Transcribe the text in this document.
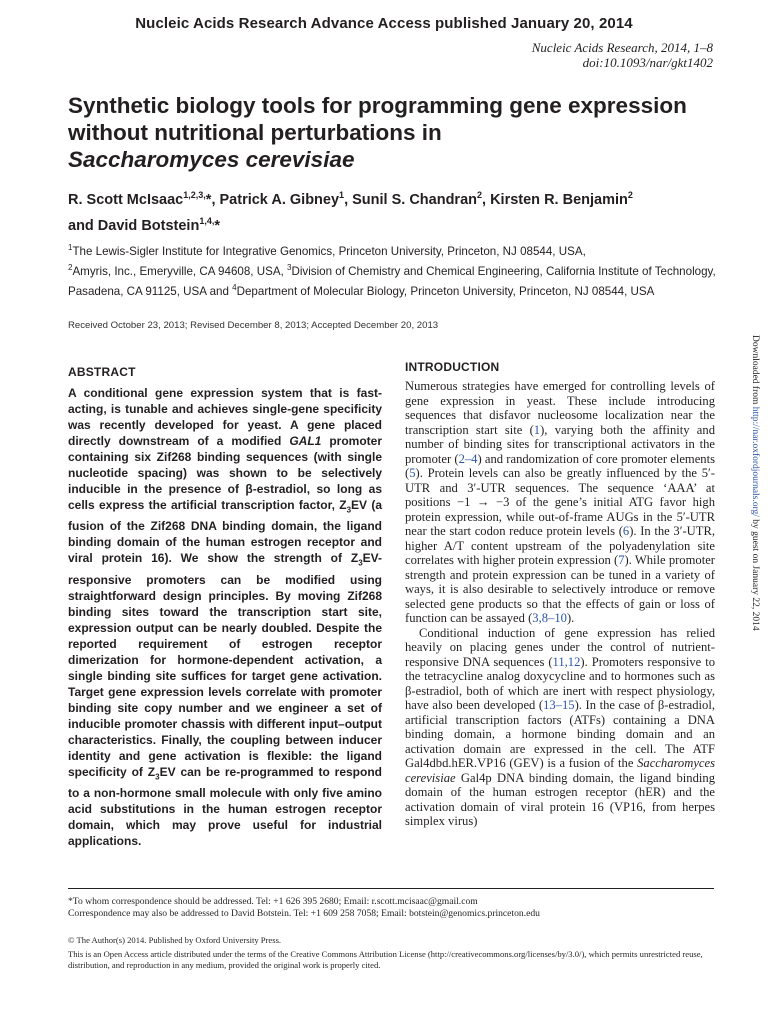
Nucleic Acids Research Advance Access published January 20, 2014
Nucleic Acids Research, 2014, 1–8
doi:10.1093/nar/gkt1402
Synthetic biology tools for programming gene expression without nutritional perturbations in
Saccharomyces cerevisiae
R. Scott McIsaac$^{1,2,3,}$*, Patrick A. Gibney$^1$, Sunil S. Chandran$^2$, Kirsten R. Benjamin$^2$
and David Botstein$^{1,4,}$*
$^1$The Lewis-Sigler Institute for Integrative Genomics, Princeton University, Princeton, NJ 08544, USA,
$^2$Amyris, Inc., Emeryville, CA 94608, USA, $^3$Division of Chemistry and Chemical Engineering, California Institute of Technology, Pasadena, CA 91125, USA and $^4$Department of Molecular Biology, Princeton University, Princeton, NJ 08544, USA
Received October 23, 2013; Revised December 8, 2013; Accepted December 20, 2013
ABSTRACT

A conditional gene expression system that is fast-acting, is tunable and achieves single-gene specificity was recently developed for yeast. A gene placed directly downstream of a modified GAL1 promoter containing six Zif268 binding sequences (with single nucleotide spacing) was shown to be selectively inducible in the presence of β-estradiol, so long as cells express the artificial transcription factor, $Z_3EV$ (a fusion of the Zif268 DNA binding domain, the ligand binding domain of the human estrogen receptor and viral protein 16). We show the strength of $Z_3EV$-responsive promoters can be modified using straightforward design principles. By moving Zif268 binding sites toward the transcription start site, expression output can be nearly doubled. Despite the reported requirement of estrogen receptor dimerization for hormone-dependent activation, a single binding site suffices for target gene activation. Target gene expression levels correlate with promoter binding site copy number and we engineer a set of inducible promoter chassis with different input–output characteristics. Finally, the coupling between inducer identity and gene activation is flexible: the ligand specificity of $Z_3EV$ can be re-programmed to respond to a non-hormone small molecule with only five amino acid substitutions in the human estrogen receptor domain, which may prove useful for industrial applications.

INTRODUCTION

Numerous strategies have emerged for controlling levels of gene expression in yeast. These include introducing sequences that disfavor nucleosome localization near the transcription start site (1), varying both the affinity and number of binding sites for transcriptional activators in the promoter (2–4) and randomization of core promoter elements (5). Protein levels can also be greatly influenced by the 5′-UTR and 3′-UTR sequences. The sequence ‘AAA’ at positions −1 → −3 of the gene’s initial ATG favor high protein expression, while out-of-frame AUGs in the 5′-UTR near the start codon reduce protein levels (6). In the 3′-UTR, higher A/T content upstream of the polyadenylation site correlates with higher protein expression (7). While promoter strength and protein expression can be tuned in a variety of ways, it is also desirable to selectively introduce or remove selected gene products so that the effects of gain or loss of function can be assayed (3,8–10).

Conditional induction of gene expression has relied heavily on placing genes under the control of nutrient-responsive DNA sequences (11,12). Promoters responsive to the tetracycline analog doxycycline and to hormones such as β-estradiol, both of which are inert with respect physiology, have also been developed (13–15). In the case of β-estradiol, artificial transcription factors (ATFs) containing a DNA binding domain, a hormone binding domain and an activation domain are expressed in the cell. The ATF Gal4dbd.hER.VP16 (GEV) is a fusion of the Saccharomyces cerevisiae Gal4p DNA binding domain, the ligand binding domain of the human estrogen receptor (hER) and the activation domain of viral protein 16 (VP16, from herpes simplex virus)

Downloaded from http://nar.oxfordjournals.org/ by guest on January 22, 2014
*To whom correspondence should be addressed. Tel: +1 626 395 2680; Email: r.scott.mcisaac@gmail.com
Correspondence may also be addressed to David Botstein. Tel: +1 609 258 7058; Email: botstein@genomics.princeton.edu
© The Author(s) 2014. Published by Oxford University Press.
This is an Open Access article distributed under the terms of the Creative Commons Attribution License (http://creativecommons.org/licenses/by/3.0/), which permits unrestricted reuse, distribution, and reproduction in any medium, provided the original work is properly cited.
